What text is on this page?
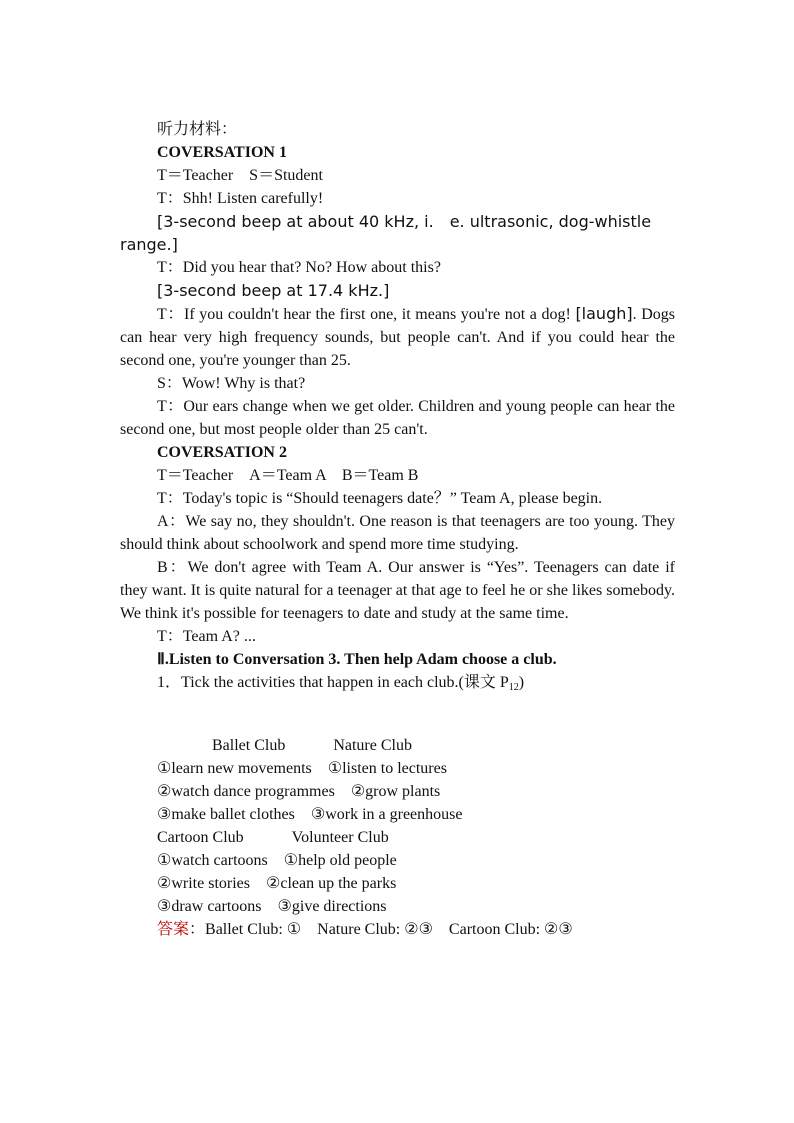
听力材料：

COVERSATION 1

T＝Teacher　S＝Student

T：Shh! Listen carefully!

[3-second beep at about 40 kHz, i.　e. ultrasonic, dog-whistle range.]

T：Did you hear that? No? How about this?

[3-second beep at 17.4 kHz.]

T：If you couldn't hear the first one, it means you're not a dog! [laugh]. Dogs can hear very high frequency sounds, but people can't. And if you could hear the second one, you're younger than 25.

S：Wow! Why is that?

T：Our ears change when we get older. Children and young people can hear the second one, but most people older than 25 can't.

COVERSATION 2

T＝Teacher　A＝Team A　B＝Team B

T：Today's topic is “Should teenagers date？” Team A, please begin.

A：We say no, they shouldn't. One reason is that teenagers are too young. They should think about schoolwork and spend more time studying.

B：We don't agree with Team A. Our answer is “Yes”. Teenagers can date if they want. It is quite natural for a teenager at that age to feel he or she likes somebody. We think it's possible for teenagers to date and study at the same time.

T：Team A? ...

Ⅱ.Listen to Conversation 3. Then help Adam choose a club.

1．Tick the activities that happen in each club.(课文 $P_{12}$)

Ballet Club　　　Nature Club

①learn new movements　①listen to lectures

②watch dance programmes　②grow plants

③make ballet clothes　③work in a greenhouse

Cartoon Club　　　Volunteer Club

①watch cartoons　①help old people

②write stories　②clean up the parks

③draw cartoons　③give directions

答案：Ballet Club: ①　Nature Club: ②③　Cartoon Club: ②③
